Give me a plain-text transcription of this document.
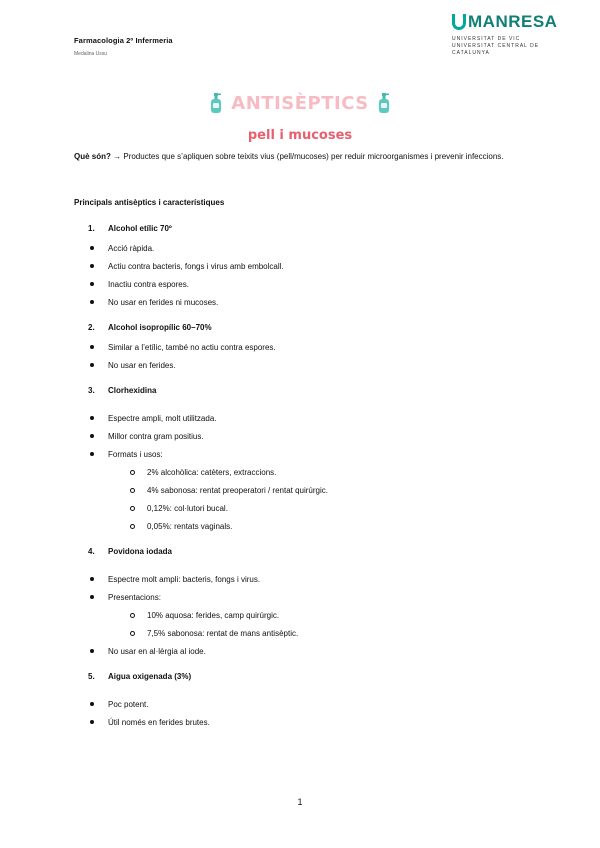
Farmacologia 2º Infermeria
Medalina Ussu
MANRESA
UNIVERSITAT DE VIC
UNIVERSITAT CENTRAL DE CATALUNYA
ANTISÈPTICS
pell i mucoses
Què són? → Productes que s’apliquen sobre teixits vius (pell/mucoses) per reduir microorganismes i prevenir infeccions.
Principals antisèptics i característiques
1.	Alcohol etílic 70º
Acció ràpida.
Actiu contra bacteris, fongs i virus amb embolcall.
Inactiu contra espores.
No usar en ferides ni mucoses.
2.	Alcohol isopropílic 60–70%
Similar a l’etílic, també no actiu contra espores.
No usar en ferides.
3.	Clorhexidina
Espectre ampli, molt utilitzada.
Millor contra gram positius.
Formats i usos:
2% alcohòlica: catèters, extraccions.
4% sabonosa: rentat preoperatori / rentat quirúrgic.
0,12%: col·lutori bucal.
0,05%: rentats vaginals.
4.	Povidona iodada
Espectre molt ampli: bacteris, fongs i virus.
Presentacions:
10% aquosa: ferides, camp quirúrgic.
7,5% sabonosa: rentat de mans antisèptic.
No usar en al·lèrgia al iode.
5.	Aigua oxigenada (3%)
Poc potent.
Útil només en ferides brutes.
1
